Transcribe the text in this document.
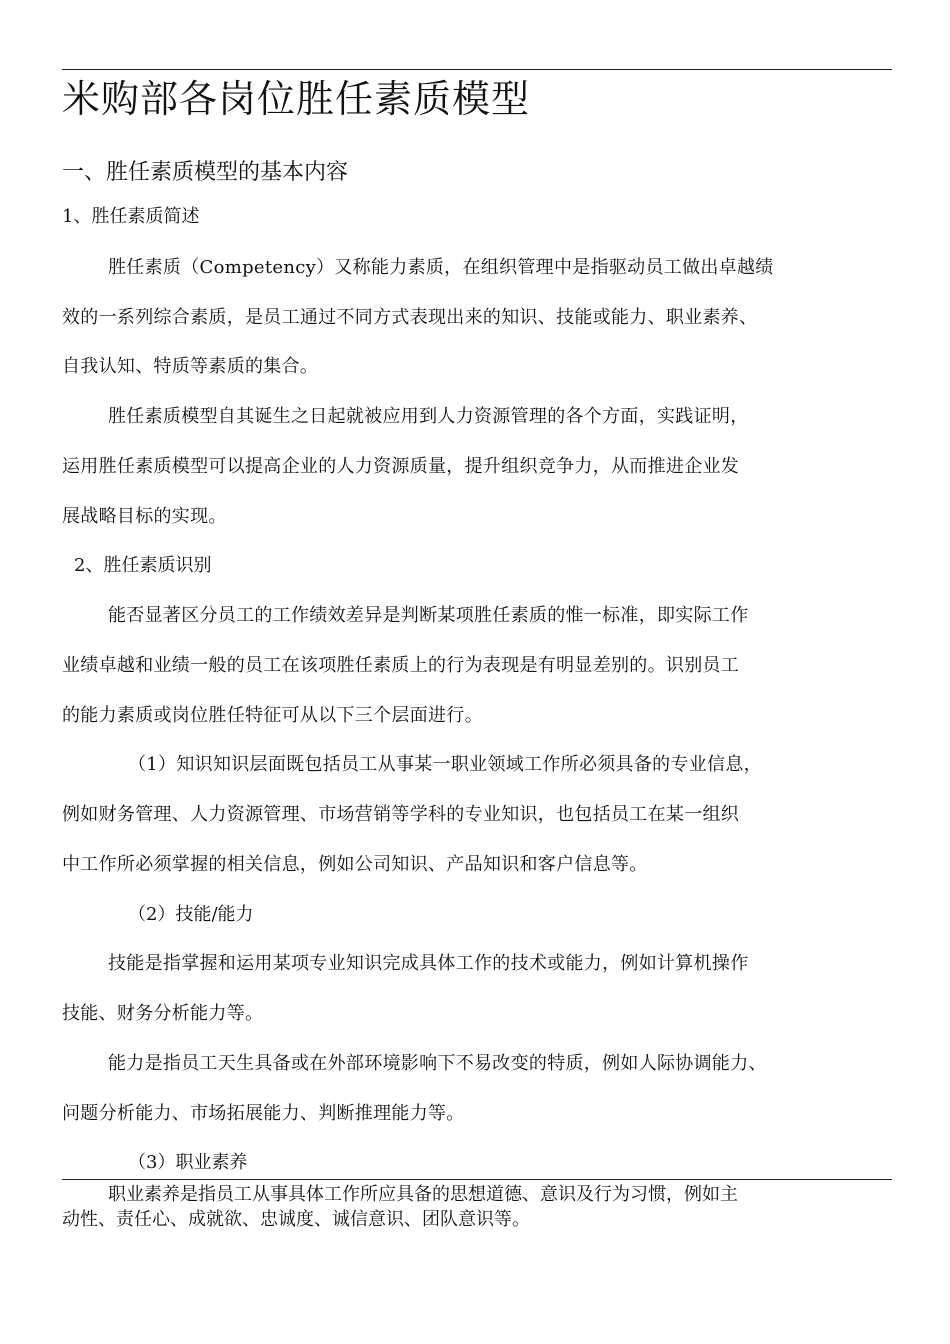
米购部各岗位胜任素质模型
一、胜任素质模型的基本内容
1、胜任素质简述
胜任素质（Competency）又称能力素质，在组织管理中是指驱动员工做出卓越绩
效的一系列综合素质，是员工通过不同方式表现出来的知识、技能或能力、职业素养、
自我认知、特质等素质的集合。
胜任素质模型自其诞生之日起就被应用到人力资源管理的各个方面，实践证明，
运用胜任素质模型可以提高企业的人力资源质量，提升组织竞争力，从而推进企业发
展战略目标的实现。
2、胜任素质识别
能否显著区分员工的工作绩效差异是判断某项胜任素质的惟一标准，即实际工作
业绩卓越和业绩一般的员工在该项胜任素质上的行为表现是有明显差别的。识别员工
的能力素质或岗位胜任特征可从以下三个层面进行。
（1）知识知识层面既包括员工从事某一职业领域工作所必须具备的专业信息，
例如财务管理、人力资源管理、市场营销等学科的专业知识，也包括员工在某一组织
中工作所必须掌握的相关信息，例如公司知识、产品知识和客户信息等。
（2）技能/能力
技能是指掌握和运用某项专业知识完成具体工作的技术或能力，例如计算机操作
技能、财务分析能力等。
能力是指员工天生具备或在外部环境影响下不易改变的特质，例如人际协调能力、
问题分析能力、市场拓展能力、判断推理能力等。
（3）职业素养
职业素养是指员工从事具体工作所应具备的思想道德、意识及行为习惯，例如主
动性、责任心、成就欲、忠诚度、诚信意识、团队意识等。
